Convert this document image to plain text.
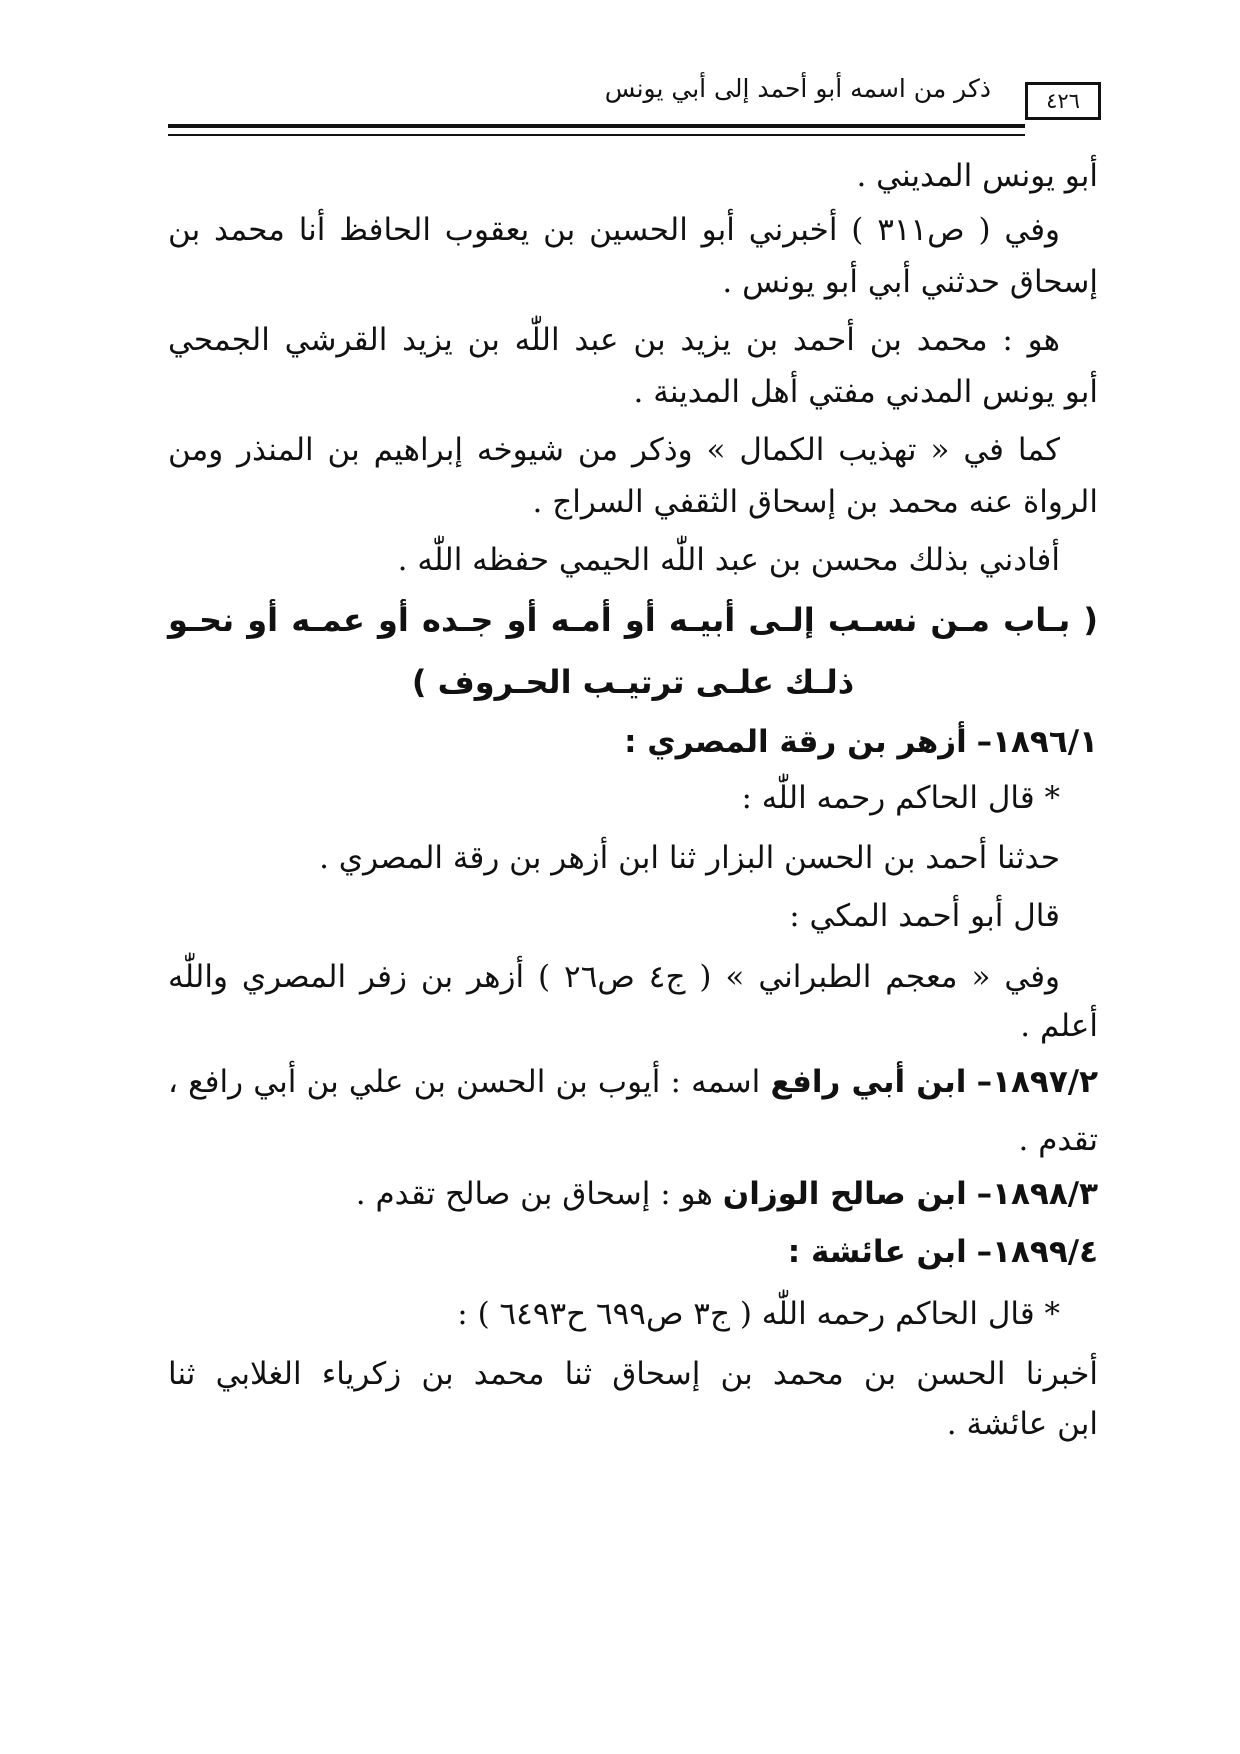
ذكر من اسمه أبو أحمد إلى أبي يونس	٤٢٦
أبو يونس المديني .
وفي ( ص٣١١ ) أخبرني أبو الحسين بن يعقوب الحافظ أنا محمد بن
إسحاق حدثني أبي أبو يونس .
هو : محمد بن أحمد بن يزيد بن عبد اللّٰه بن يزيد القرشي الجمحي
أبو يونس المدني مفتي أهل المدينة .
كما في « تهذيب الكمال » وذكر من شيوخه إبراهيم بن المنذر ومن
الرواة عنه محمد بن إسحاق الثقفي السراج .
أفادني بذلك محسن بن عبد اللّٰه الحيمي حفظه اللّٰه .
( بـاب مـن نسـب إلـى أبيـه أو أمـه أو جـده أو عمـه أو نحـو
ذلـك علـى ترتيـب الحـروف )
١٨٩٦/١– أزهر بن رقة المصري :
* قال الحاكم رحمه اللّٰه :
حدثنا أحمد بن الحسن البزار ثنا ابن أزهر بن رقة المصري .
قال أبو أحمد المكي :
وفي « معجم الطبراني » ( ج٤ ص٢٦ ) أزهر بن زفر المصري واللّٰه
أعلم .
١٨٩٧/٢– ابن أبي رافع اسمه : أيوب بن الحسن بن علي بن أبي رافع ،
تقدم .
١٨٩٨/٣– ابن صالح الوزان هو : إسحاق بن صالح تقدم .
١٨٩٩/٤– ابن عائشة :
* قال الحاكم رحمه اللّٰه ( ج٣ ص٦٩٩ ح٦٤٩٣ ) :
أخبرنا الحسن بن محمد بن إسحاق ثنا محمد بن زكرياء الغلابي ثنا
ابن عائشة .
